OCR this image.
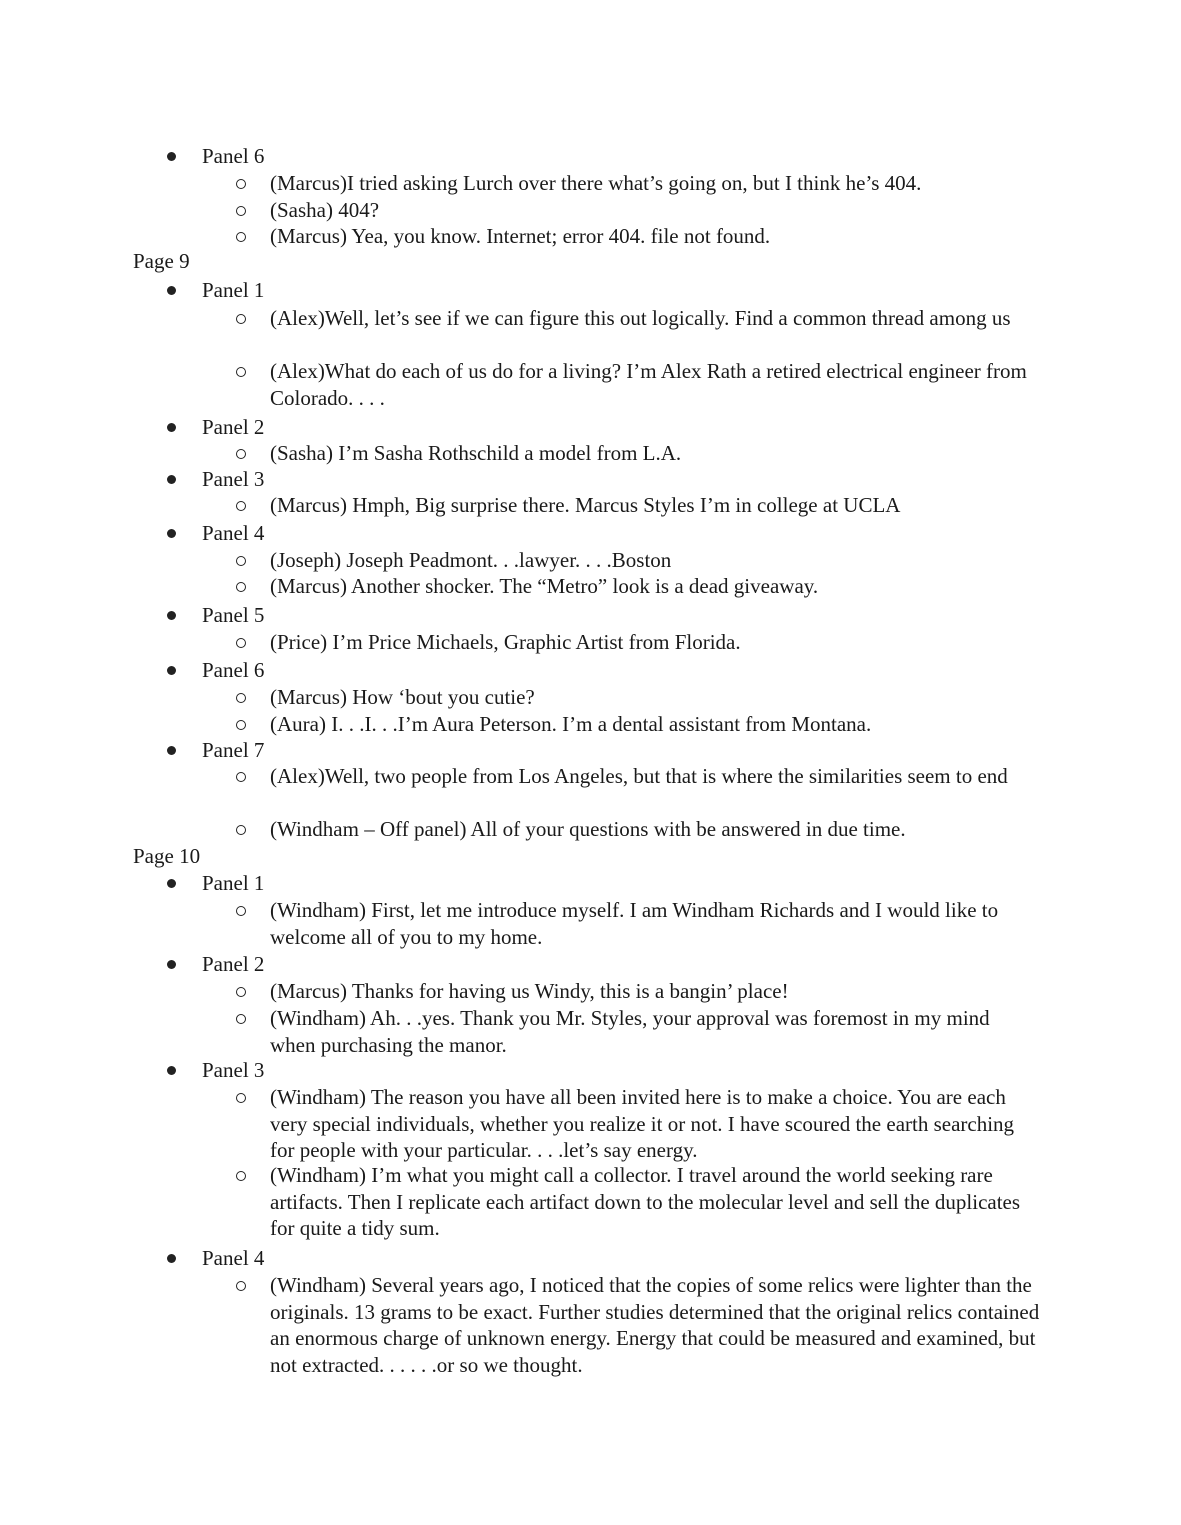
Panel 6
(Marcus)I tried asking Lurch over there what’s going on, but I think he’s 404.
(Sasha) 404?
(Marcus) Yea, you know. Internet; error 404. file not found.
Page 9
Panel 1
(Alex)Well, let’s see if we can figure this out logically. Find a common thread among us
(Alex)What do each of us do for a living? I’m Alex Rath a retired electrical engineer from Colorado. . . .
Panel 2
(Sasha) I’m Sasha Rothschild a model from L.A.
Panel 3
(Marcus) Hmph, Big surprise there. Marcus Styles I’m in college at UCLA
Panel 4
(Joseph) Joseph Peadmont. . .lawyer. . . .Boston
(Marcus) Another shocker. The “Metro” look is a dead giveaway.
Panel 5
(Price) I’m Price Michaels, Graphic Artist from Florida.
Panel 6
(Marcus) How ‘bout you cutie?
(Aura) I. . .I. . .I’m Aura Peterson. I’m a dental assistant from Montana.
Panel 7
(Alex)Well, two people from Los Angeles, but that is where the similarities seem to end
(Windham – Off panel) All of your questions with be answered in due time.
Page 10
Panel 1
(Windham) First, let me introduce myself. I am Windham Richards and I would like to welcome all of you to my home.
Panel 2
(Marcus) Thanks for having us Windy, this is a bangin’ place!
(Windham) Ah. . .yes. Thank you Mr. Styles, your approval was foremost in my mind when purchasing the manor.
Panel 3
(Windham) The reason you have all been invited here is to make a choice. You are each very special individuals, whether you realize it or not. I have scoured the earth searching for people with your particular. . . .let’s say energy.
(Windham) I’m what you might call a collector. I travel around the world seeking rare artifacts. Then I replicate each artifact down to the molecular level and sell the duplicates for quite a tidy sum.
Panel 4
(Windham) Several years ago, I noticed that the copies of some relics were lighter than the originals. 13 grams to be exact. Further studies determined that the original relics contained an enormous charge of unknown energy. Energy that could be measured and examined, but not extracted. . . . . .or so we thought.
